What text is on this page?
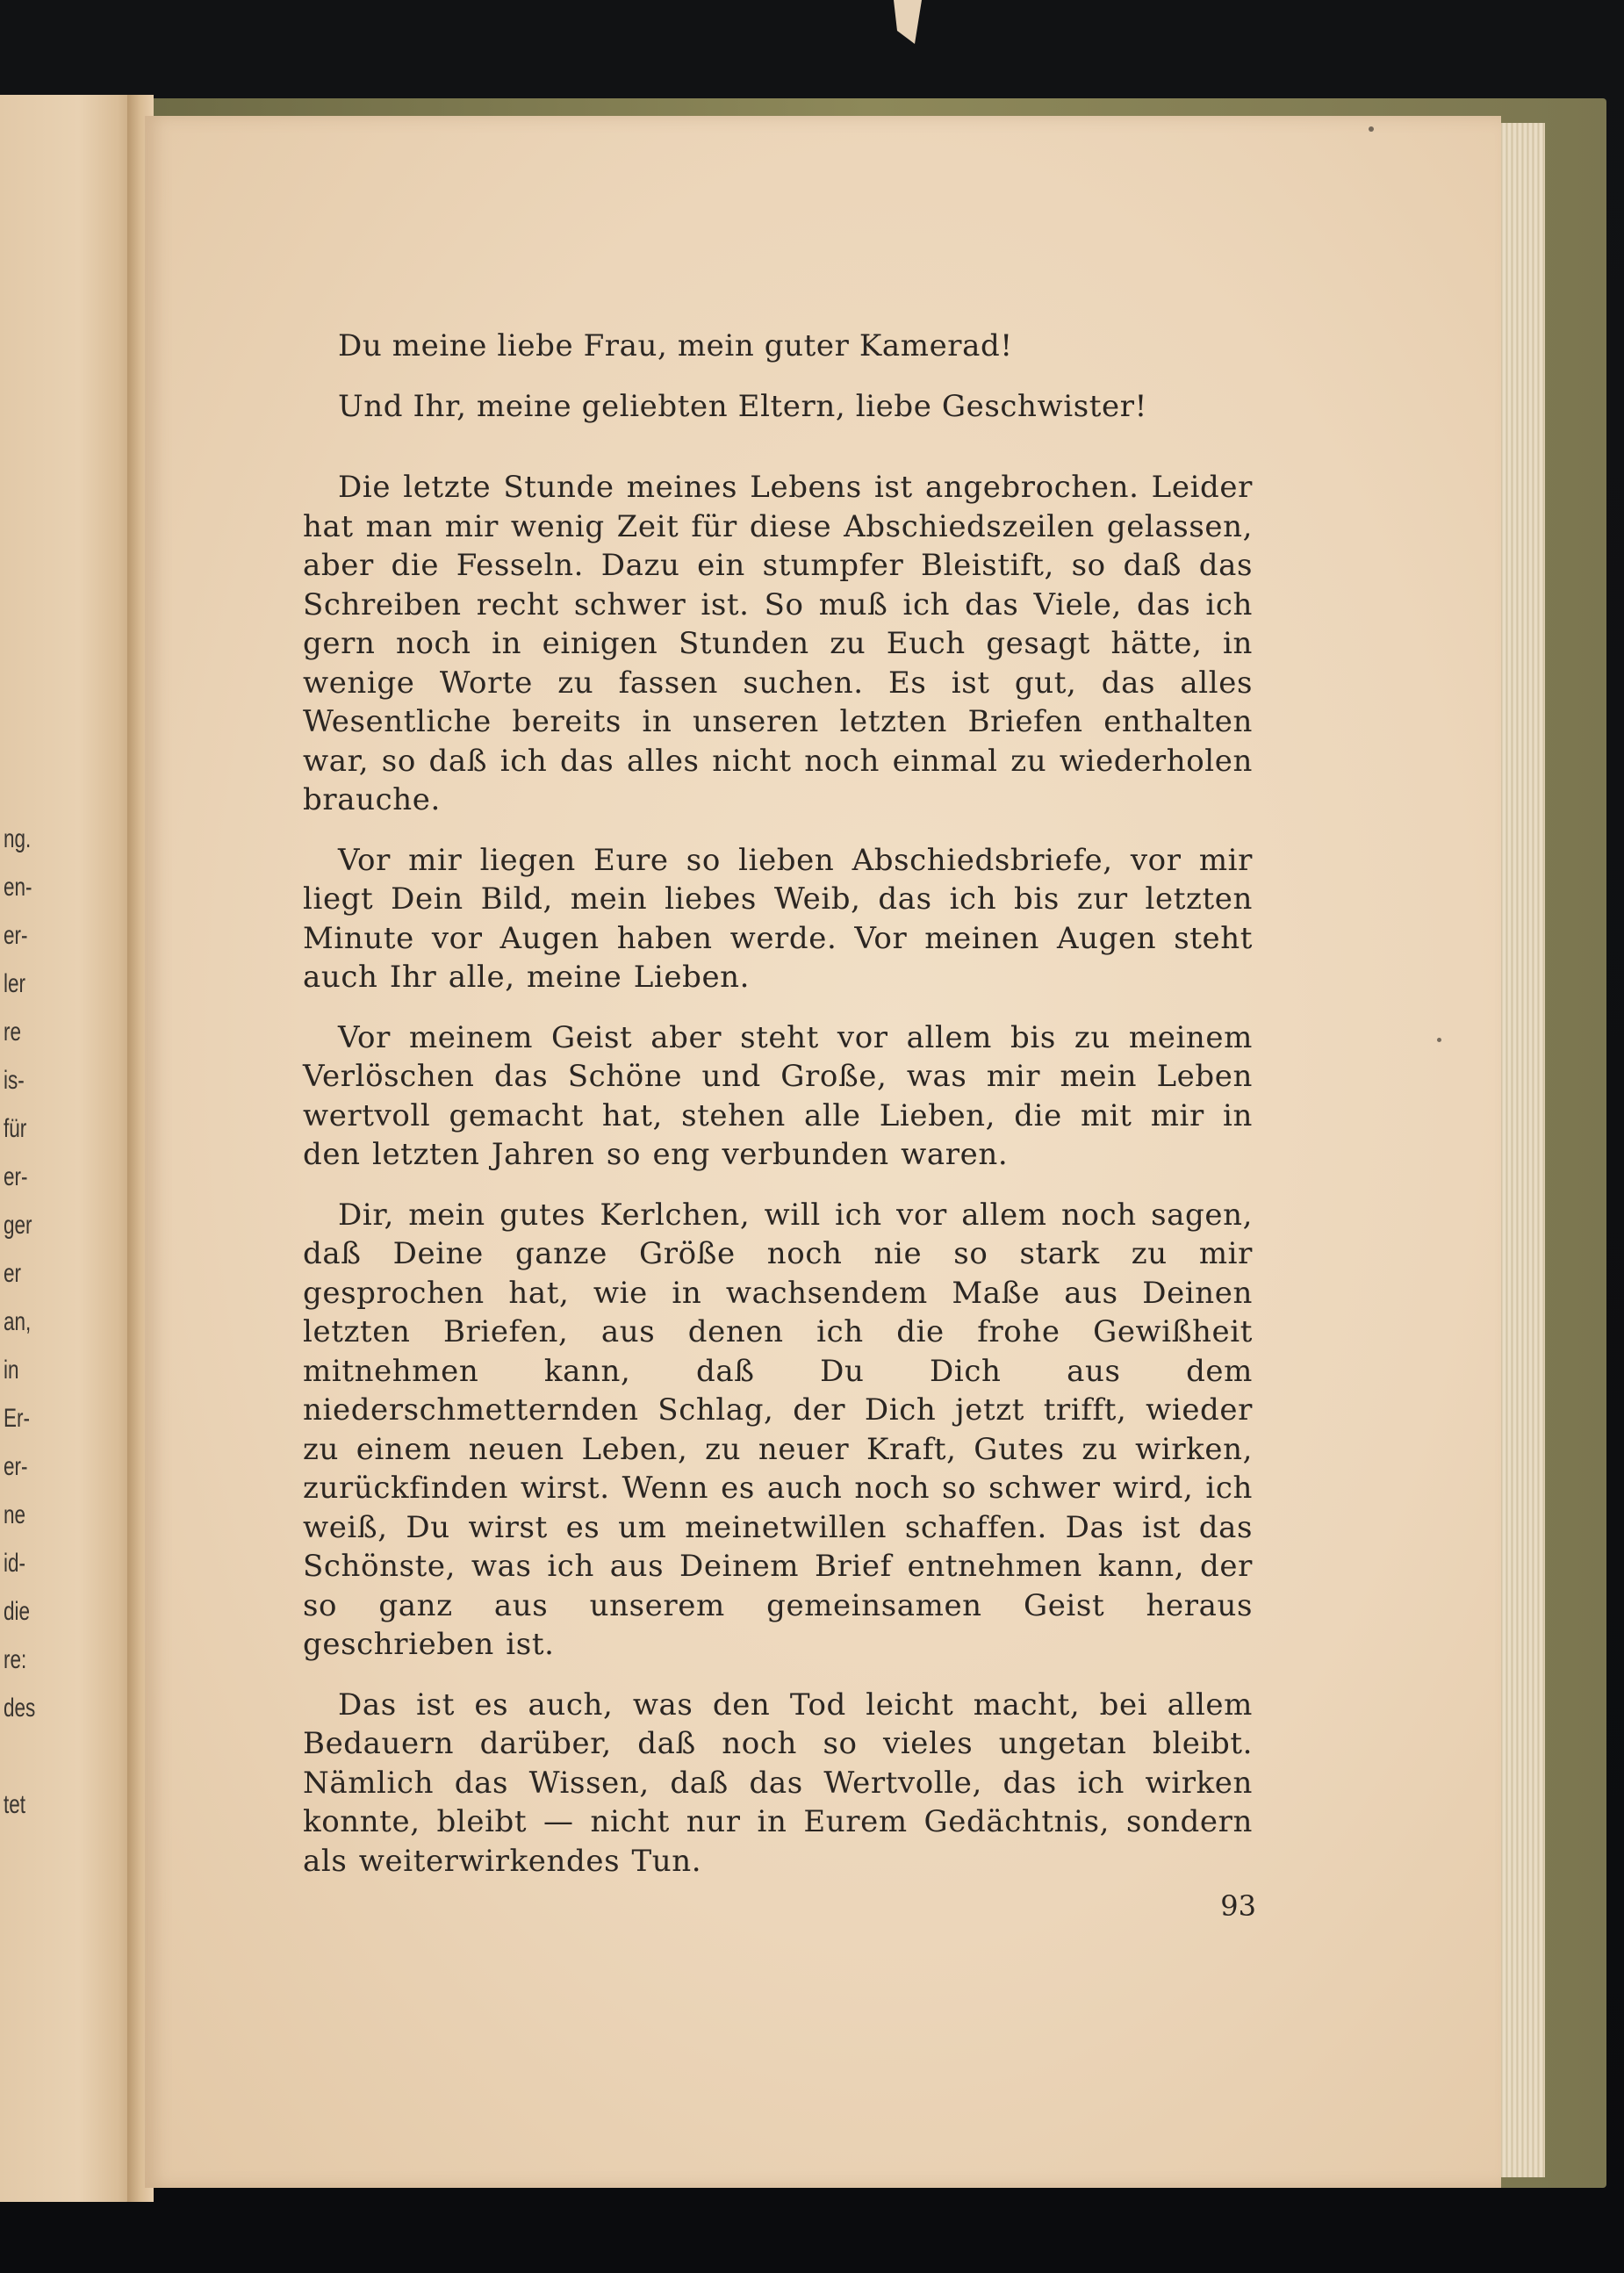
ng.
en-
er-
ler
re
is-
für
er-
ger
er
an,
in
Er-
er-
ne
id-
die
re:
des
tet

Du meine liebe Frau, mein guter Kamerad!

Und Ihr, meine geliebten Eltern, liebe Geschwister!

Die letzte Stunde meines Lebens ist angebrochen. Leider hat man mir wenig Zeit für diese Abschiedszeilen gelassen, aber die Fesseln. Dazu ein stumpfer Bleistift, so daß das Schreiben recht schwer ist. So muß ich das Viele, das ich gern noch in einigen Stunden zu Euch gesagt hätte, in wenige Worte zu fassen suchen. Es ist gut, das alles Wesentliche bereits in unseren letzten Briefen enthalten war, so daß ich das alles nicht noch einmal zu wiederholen brauche.

Vor mir liegen Eure so lieben Abschiedsbriefe, vor mir liegt Dein Bild, mein liebes Weib, das ich bis zur letzten Minute vor Augen haben werde. Vor meinen Augen steht auch Ihr alle, meine Lieben.

Vor meinem Geist aber steht vor allem bis zu meinem Verlöschen das Schöne und Große, was mir mein Leben wertvoll gemacht hat, stehen alle Lieben, die mit mir in den letzten Jahren so eng verbunden waren.

Dir, mein gutes Kerlchen, will ich vor allem noch sagen, daß Deine ganze Größe noch nie so stark zu mir gesprochen hat, wie in wachsendem Maße aus Deinen letzten Briefen, aus denen ich die frohe Gewißheit mitnehmen kann, daß Du Dich aus dem niederschmetternden Schlag, der Dich jetzt trifft, wieder zu einem neuen Leben, zu neuer Kraft, Gutes zu wirken, zurückfinden wirst. Wenn es auch noch so schwer wird, ich weiß, Du wirst es um meinetwillen schaffen. Das ist das Schönste, was ich aus Deinem Brief entnehmen kann, der so ganz aus unserem gemeinsamen Geist heraus geschrieben ist.

Das ist es auch, was den Tod leicht macht, bei allem Bedauern darüber, daß noch so vieles ungetan bleibt. Nämlich das Wissen, daß das Wertvolle, das ich wirken konnte, bleibt — nicht nur in Eurem Gedächtnis, sondern als weiterwirkendes Tun.

93
